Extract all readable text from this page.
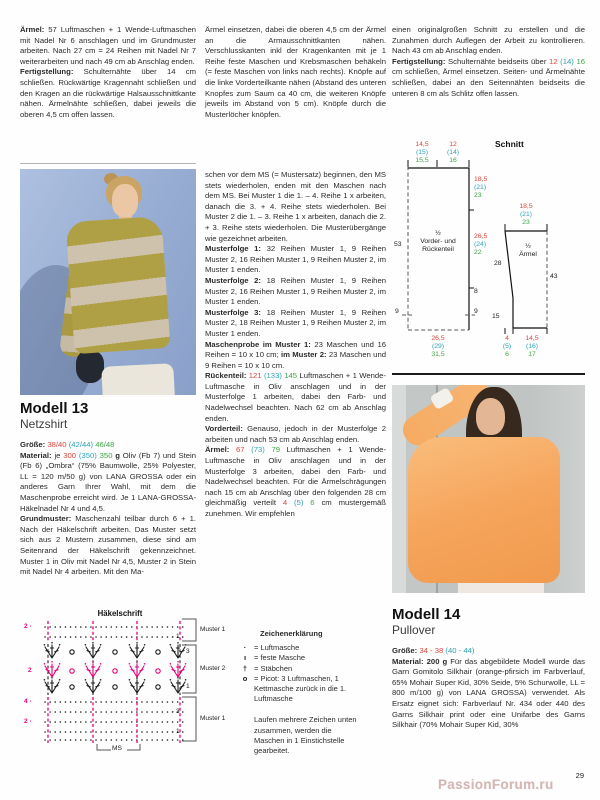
Ärmel: 57 Luftmaschen + 1 Wende-Luftmaschen mit Nadel Nr 6 anschlagen und im Grundmuster arbeiten. Nach 27 cm = 24 Reihen mit Nadel Nr 7 weiterarbeiten und nach 49 cm ab Anschlag enden.

Fertigstellung: Schulternähte über 14 cm schließen. Rückwärtige Kragennaht schließen und den Kragen an die rückwärtige Halsausschnittkante nähen. Ärmelnähte schließen, dabei jeweils die oberen 4,5 cm offen lassen.

Modell 13
Netzshirt

Größe: 38/40 (42/44) 46/48

Material: je 300 (350) 350 g Oliv (Fb 7) und Stein (Fb 6) „Ombra“ (75% Baumwolle, 25% Polyester, LL = 120 m/50 g) von LANA GROSSA oder ein anderes Garn Ihrer Wahl, mit dem die Maschenprobe erreicht wird. Je 1 LANA-GROSSA-Häkelnadel Nr 4 und 4,5.

Grundmuster: Maschenzahl teilbar durch 6 + 1. Nach der Häkelschrift arbeiten. Das Muster setzt sich aus 2 Mustern zusammen, diese sind am Seitenrand der Häkelschrift gekennzeichnet. Muster 1 in Oliv mit Nadel Nr 4,5, Muster 2 in Stein mit Nadel Nr 4 arbeiten. Mit den Ma-

Häkelschrift
2 ·
2
4 ·
2 ·
· 1
3
1
· 3
· 1
Muster 1
Muster 2
Muster 1
MS

Ärmel einsetzen, dabei die oberen 4,5 cm der Ärmel an die Armausschnittkanten nähen. Verschlusskanten inkl der Kragenkanten mit je 1 Reihe feste Maschen und Krebsmaschen behäkeln (= feste Maschen von links nach rechts). Knöpfe auf die linke Vorderteilkante nähen (Abstand des unteren Knopfes zum Saum ca 40 cm, die weiteren Knöpfe jeweils im Abstand von 5 cm). Knöpfe durch die Musterlöcher knöpfen.

schen vor dem MS (= Mustersatz) beginnen, den MS stets wiederholen, enden mit den Maschen nach dem MS. Bei Muster 1 die 1. – 4. Reihe 1 x arbeiten, danach die 3. + 4. Reihe stets wiederholen. Bei Muster 2 die 1. – 3. Reihe 1 x arbeiten, danach die 2. + 3. Reihe stets wiederholen. Die Musterübergänge wie gezeichnet arbeiten.

Musterfolge 1: 32 Reihen Muster 1, 9 Reihen Muster 2, 16 Reihen Muster 1, 9 Reihen Muster 2, im Muster 1 enden.

Musterfolge 2: 18 Reihen Muster 1, 9 Reihen Muster 2, 16 Reihen Muster 1, 9 Reihen Muster 2, im Muster 1 enden.

Musterfolge 3: 18 Reihen Muster 1, 9 Reihen Muster 2, 18 Reihen Muster 1, 9 Reihen Muster 2, im Muster 1 enden.

Maschenprobe im Muster 1: 23 Maschen und 16 Reihen = 10 x 10 cm; im Muster 2: 23 Maschen und 9 Reihen = 10 x 10 cm.

Rückenteil: 121 (133) 145 Luftmaschen + 1 Wende-Luftmasche in Oliv anschlagen und in der Musterfolge 1 arbeiten, dabei den Farb- und Nadelwechsel beachten. Nach 62 cm ab Anschlag enden.

Vorderteil: Genauso, jedoch in der Musterfolge 2 arbeiten und nach 53 cm ab Anschlag enden.

Ärmel: 67 (73) 79 Luftmaschen + 1 Wende-Luftmasche in Oliv anschlagen und in der Musterfolge 3 arbeiten, dabei den Farb- und Nadelwechsel beachten. Für die Ärmelschrägungen nach 15 cm ab Anschlag über den folgenden 28 cm gleichmäßig verteilt 4 (5) 6 cm mustergemäß zunehmen. Wir empfehlen

Zeichenerklärung
·	= Luftmasche
ı	= feste Masche
† = Stäbchen
o = Picot: 3 Luftmaschen, 1 Kettmasche zurück in die 1. Luftmasche
Laufen mehrere Zeichen unten zusammen, werden die Maschen in 1 Einstichstelle gearbeitet.

einen originalgroßen Schnitt zu erstellen und die Zunahmen durch Auflegen der Arbeit zu kontrollieren. Nach 43 cm ab Anschlag enden.

Fertigstellung: Schulternähte beidseits über 12 (14) 16 cm schließen, Ärmel einsetzen. Seiten- und Ärmelnähte schließen, dabei an den Seitennähten beidseits die unteren 8 cm als Schlitz offen lassen.

Schnitt
14,5
(15)
15,5
12
(14)
16
18,5
(21)
23
26,5
(24)
22
53
8
9	9
½
Vorder- und
Rückenteil
26,5
(29)
31,5
18,5
(21)
23
28
15
43
½
Ärmel
4
(5)
6
14,5
(16)
17
Modell 14
Pullover

Größe: 34 - 38 (40 - 44)

Material: 200 g Für das abgebildete Modell wurde das Garn Gomitolo Silkhair (orange-pfirsich im Farbverlauf, 65% Mohair Super Kid, 30% Seide, 5% Schurwolle, LL = 800 m/100 g) von LANA GROSSA) verwendet. Als Ersatz eignet sich: Farbverlauf Nr. 434 oder 440 des Garns Silkhair print oder eine Unifarbe des Garns Silkhair (70% Mohair Super Kid, 30%

29
PassionForum.ru
